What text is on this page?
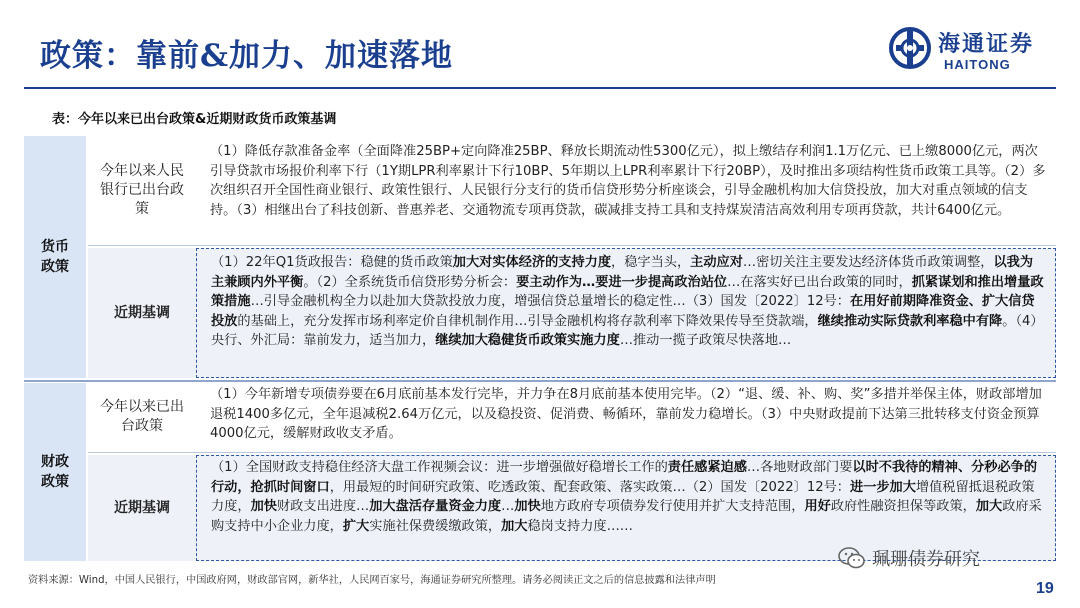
政策：靠前&加力、加速落地	海通证券
HAITONG
表：今年以来已出台政策&近期财政货币政策基调
货币政策
今年以来人民银行已出台政策
（1）降低存款准备金率（全面降准25BP+定向降准25BP、释放长期流动性5300亿元），拟上缴结存利润1.1万亿元、已上缴8000亿元，两次引导贷款市场报价利率下行（1Y期LPR利率累计下行10BP、5年期以上LPR利率累计下行20BP），及时推出多项结构性货币政策工具等。（2）多次组织召开全国性商业银行、政策性银行、人民银行分支行的货币信贷形势分析座谈会，引导金融机构加大信贷投放，加大对重点领域的信支持。（3）相继出台了科技创新、普惠养老、交通物流专项再贷款，碳减排支持工具和支持煤炭清洁高效利用专项再贷款，共计6400亿元。
近期基调
（1）22年Q1货政报告：稳健的货币政策加大对实体经济的支持力度，稳字当头，主动应对…密切关注主要发达经济体货币政策调整，以我为主兼顾内外平衡。（2）全系统货币信贷形势分析会：要主动作为…要进一步提高政治站位…在落实好已出台政策的同时，抓紧谋划和推出增量政策措施…引导金融机构全力以赴加大贷款投放力度，增强信贷总量增长的稳定性…（3）国发〔2022〕12号：在用好前期降准资金、扩大信贷投放的基础上，充分发挥市场利率定价自律机制作用…引导金融机构将存款利率下降效果传导至贷款端，继续推动实际贷款利率稳中有降。（4）央行、外汇局：靠前发力，适当加力，继续加大稳健货币政策实施力度…推动一揽子政策尽快落地…
财政政策
今年以来已出台政策
（1）今年新增专项债券要在6月底前基本发行完毕，并力争在8月底前基本使用完毕。（2）“退、缓、补、购、奖”多措并举保主体，财政部增加退税1400多亿元，全年退减税2.64万亿元，以及稳投资、促消费、畅循环，靠前发力稳增长。（3）中央财政提前下达第三批转移支付资金预算4000亿元，缓解财政收支矛盾。
近期基调
（1）全国财政支持稳住经济大盘工作视频会议：进一步增强做好稳增长工作的责任感紧迫感…各地财政部门要以时不我待的精神、分秒必争的行动，抢抓时间窗口，用最短的时间研究政策、吃透政策、配套政策、落实政策…（2）国发〔2022〕12号：进一步加大增值税留抵退税政策力度，加快财政支出进度…加大盘活存量资金力度…加快地方政府专项债券发行使用并扩大支持范围，用好政府性融资担保等政策，加大政府采购支持中小企业力度，扩大实施社保费缓缴政策，加大稳岗支持力度……
资料来源：Wind，中国人民银行，中国政府网，财政部官网，新华社，人民网百家号，海通证券研究所整理。请务必阅读正文之后的信息披露和法律声明
珮珊债券研究
19
